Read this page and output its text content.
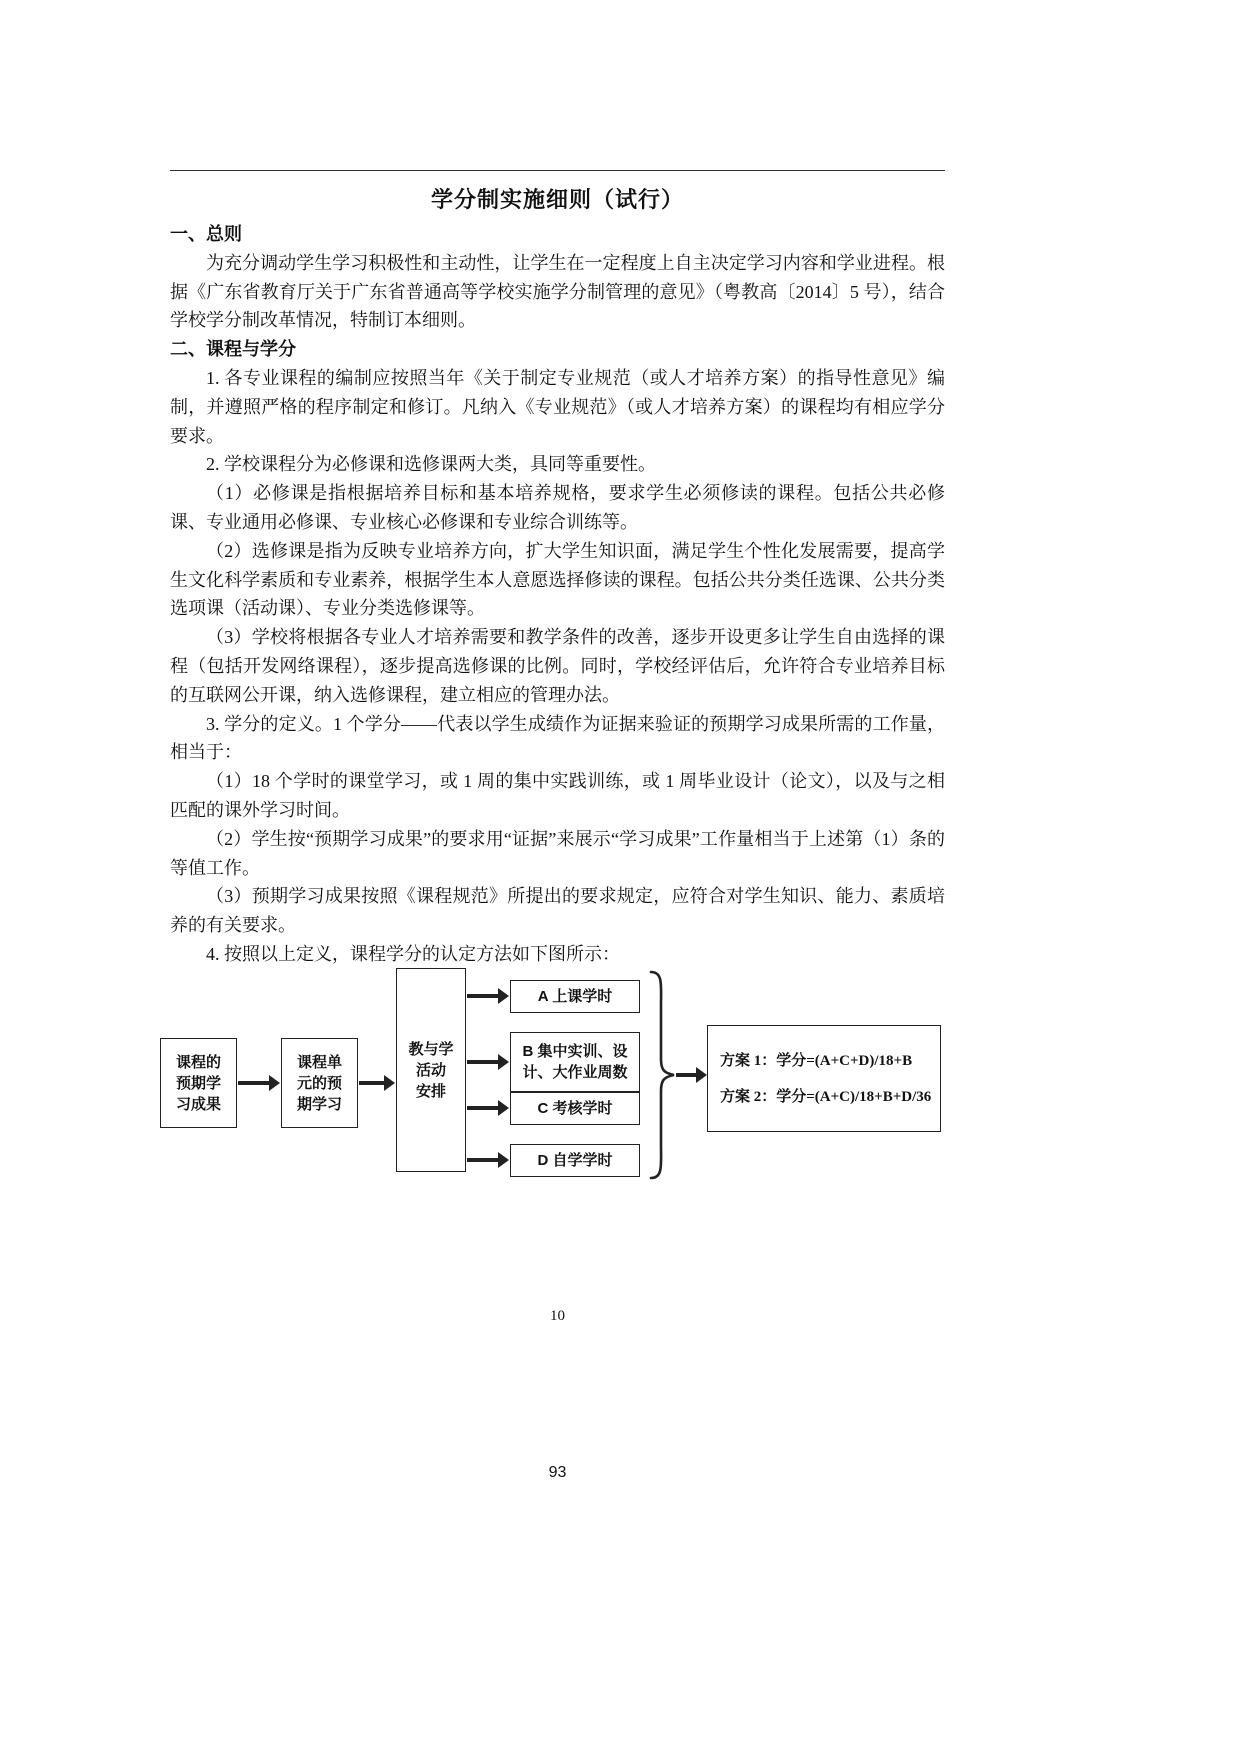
学分制实施细则（试行）

一、总则

为充分调动学生学习积极性和主动性，让学生在一定程度上自主决定学习内容和学业进程。根据《广东省教育厅关于广东省普通高等学校实施学分制管理的意见》（粤教高〔2014〕5 号），结合学校学分制改革情况，特制订本细则。

二、课程与学分

1. 各专业课程的编制应按照当年《关于制定专业规范（或人才培养方案）的指导性意见》编制，并遵照严格的程序制定和修订。凡纳入《专业规范》（或人才培养方案）的课程均有相应学分要求。

2. 学校课程分为必修课和选修课两大类，具同等重要性。

（1）必修课是指根据培养目标和基本培养规格，要求学生必须修读的课程。包括公共必修课、专业通用必修课、专业核心必修课和专业综合训练等。

（2）选修课是指为反映专业培养方向，扩大学生知识面，满足学生个性化发展需要，提高学生文化科学素质和专业素养，根据学生本人意愿选择修读的课程。包括公共分类任选课、公共分类选项课（活动课）、专业分类选修课等。

（3）学校将根据各专业人才培养需要和教学条件的改善，逐步开设更多让学生自由选择的课程（包括开发网络课程），逐步提高选修课的比例。同时，学校经评估后，允许符合专业培养目标的互联网公开课，纳入选修课程，建立相应的管理办法。

3. 学分的定义。1 个学分——代表以学生成绩作为证据来验证的预期学习成果所需的工作量，相当于：

（1）18 个学时的课堂学习，或 1 周的集中实践训练，或 1 周毕业设计（论文），以及与之相匹配的课外学习时间。

（2）学生按“预期学习成果”的要求用“证据”来展示“学习成果”工作量相当于上述第（1）条的等值工作。

（3）预期学习成果按照《课程规范》所提出的要求规定，应符合对学生知识、能力、素质培养的有关要求。

4. 按照以上定义，课程学分的认定方法如下图所示：

课程的
预期学
习成果
课程单
元的预
期学习
教与学
活动
安排
A 上课学时
B 集中实训、设
计、大作业周数
C 考核学时
D 自学学时
方案 1：学分=(A+C+D)/18+B
方案 2：学分=(A+C)/18+B+D/36
10
93
